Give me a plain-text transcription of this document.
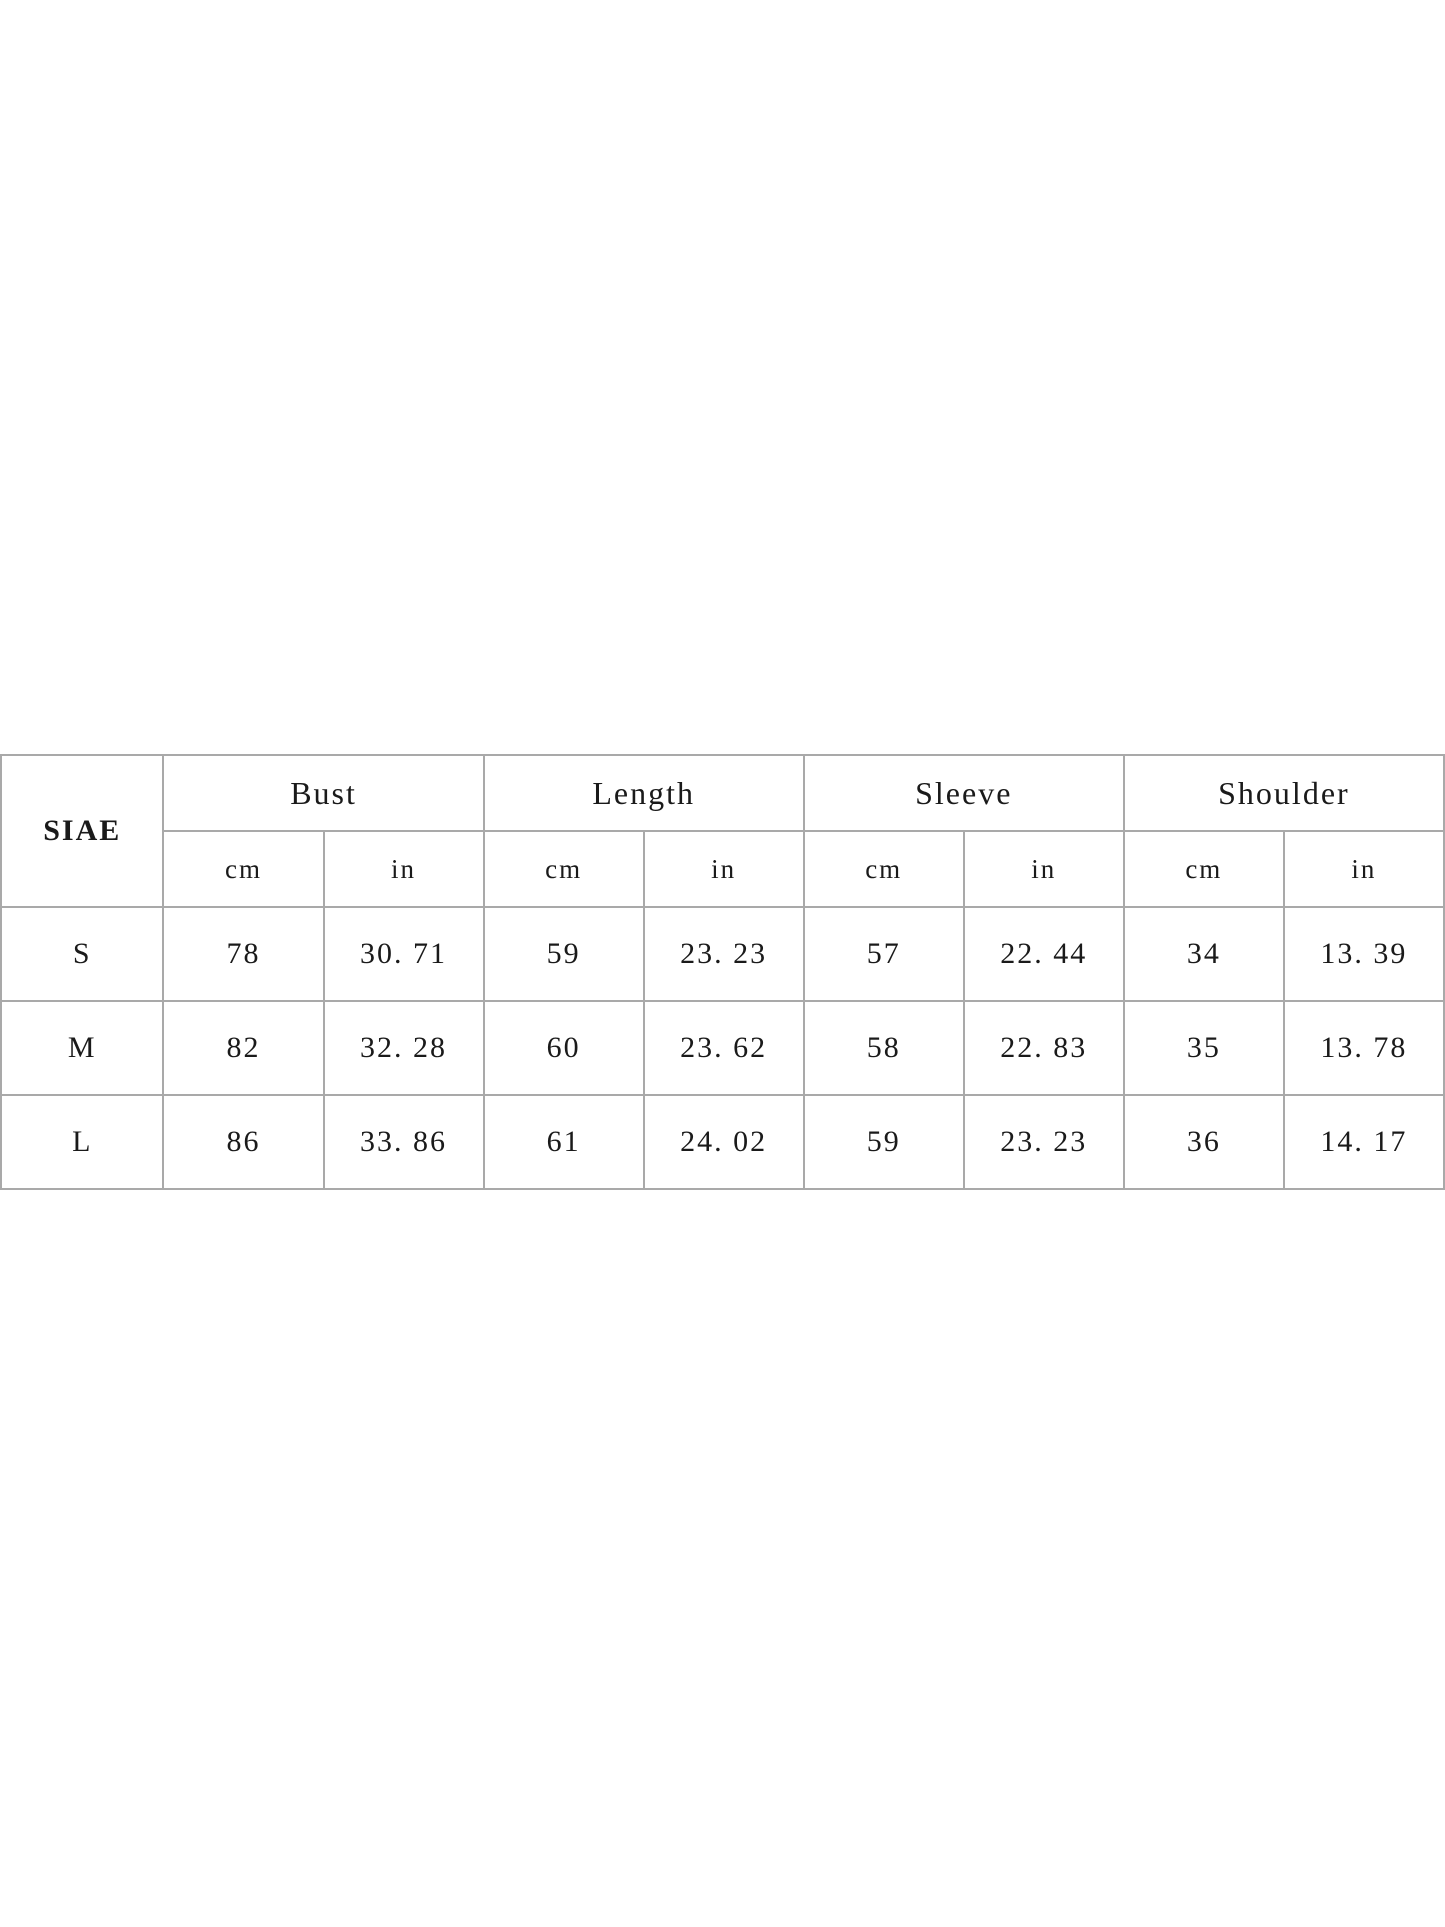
SIAE	Bust		Length		Sleeve		Shoulder	
	cm	in	cm	in	cm	in	cm	in
S	78	30. 71	59	23. 23	57	22. 44	34	13. 39
M	82	32. 28	60	23. 62	58	22. 83	35	13. 78
L	86	33. 86	61	24. 02	59	23. 23	36	14. 17
